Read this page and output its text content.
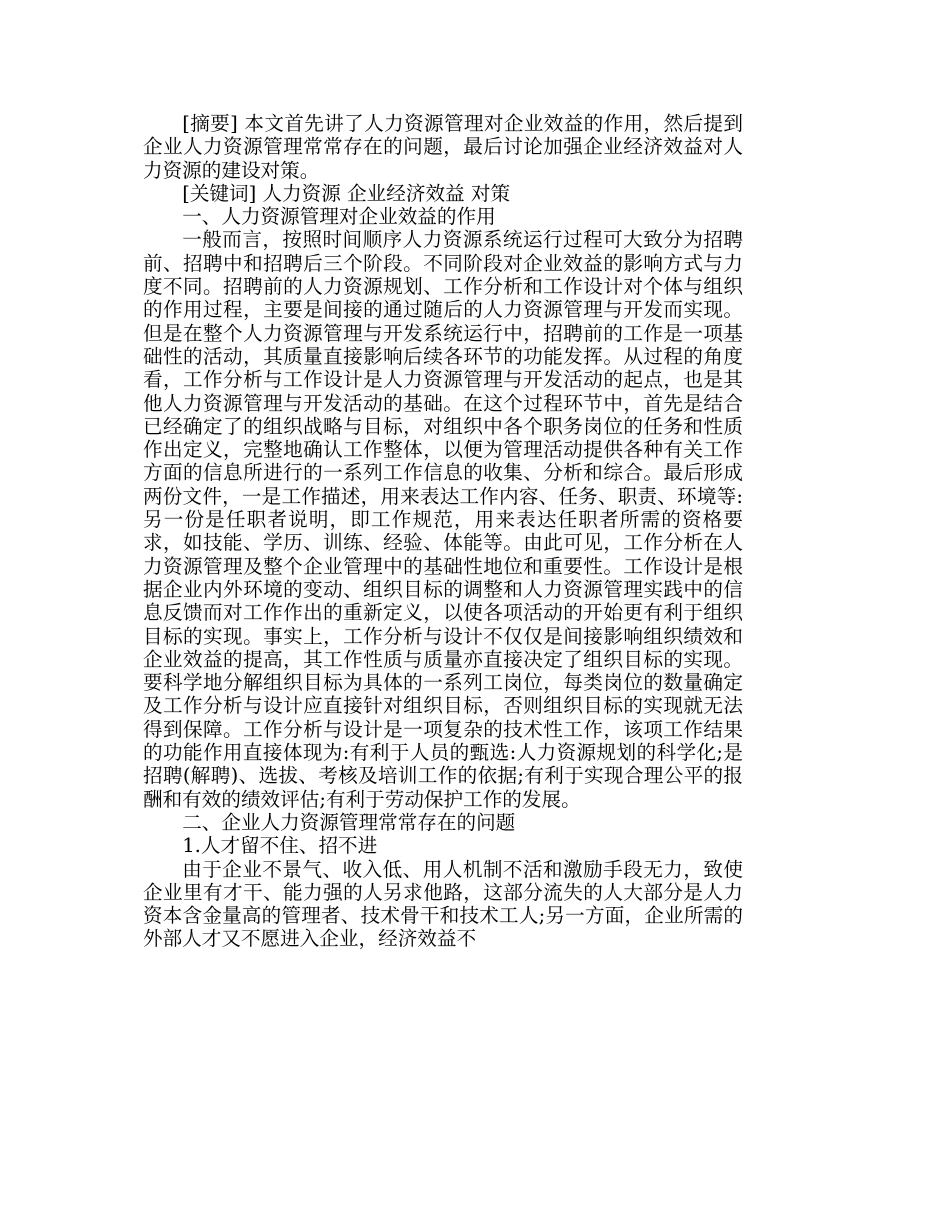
[摘要] 本文首先讲了人力资源管理对企业效益的作用，然后提到企业人力资源管理常常存在的问题，最后讨论加强企业经济效益对人力资源的建设对策。

[关键词] 人力资源 企业经济效益 对策

一、人力资源管理对企业效益的作用

一般而言，按照时间顺序人力资源系统运行过程可大致分为招聘前、招聘中和招聘后三个阶段。不同阶段对企业效益的影响方式与力度不同。招聘前的人力资源规划、工作分析和工作设计对个体与组织的作用过程，主要是间接的通过随后的人力资源管理与开发而实现。但是在整个人力资源管理与开发系统运行中，招聘前的工作是一项基础性的活动，其质量直接影响后续各环节的功能发挥。从过程的角度看，工作分析与工作设计是人力资源管理与开发活动的起点，也是其他人力资源管理与开发活动的基础。在这个过程环节中，首先是结合已经确定了的组织战略与目标，对组织中各个职务岗位的任务和性质作出定义，完整地确认工作整体，以便为管理活动提供各种有关工作方面的信息所进行的一系列工作信息的收集、分析和综合。最后形成两份文件，一是工作描述，用来表达工作内容、任务、职责、环境等:另一份是任职者说明，即工作规范，用来表达任职者所需的资格要求，如技能、学历、训练、经验、体能等。由此可见，工作分析在人力资源管理及整个企业管理中的基础性地位和重要性。工作设计是根据企业内外环境的变动、组织目标的调整和人力资源管理实践中的信息反馈而对工作作出的重新定义，以使各项活动的开始更有利于组织目标的实现。事实上，工作分析与设计不仅仅是间接影响组织绩效和企业效益的提高，其工作性质与质量亦直接决定了组织目标的实现。要科学地分解组织目标为具体的一系列工岗位，每类岗位的数量确定及工作分析与设计应直接针对组织目标，否则组织目标的实现就无法得到保障。工作分析与设计是一项复杂的技术性工作，该项工作结果的功能作用直接体现为:有利于人员的甄选:人力资源规划的科学化;是招聘(解聘)、选拔、考核及培训工作的依据;有利于实现合理公平的报酬和有效的绩效评估;有利于劳动保护工作的发展。

二、企业人力资源管理常常存在的问题

1.人才留不住、招不进

由于企业不景气、收入低、用人机制不活和激励手段无力，致使企业里有才干、能力强的人另求他路，这部分流失的人大部分是人力资本含金量高的管理者、技术骨干和技术工人;另一方面，企业所需的外部人才又不愿进入企业，经济效益不
